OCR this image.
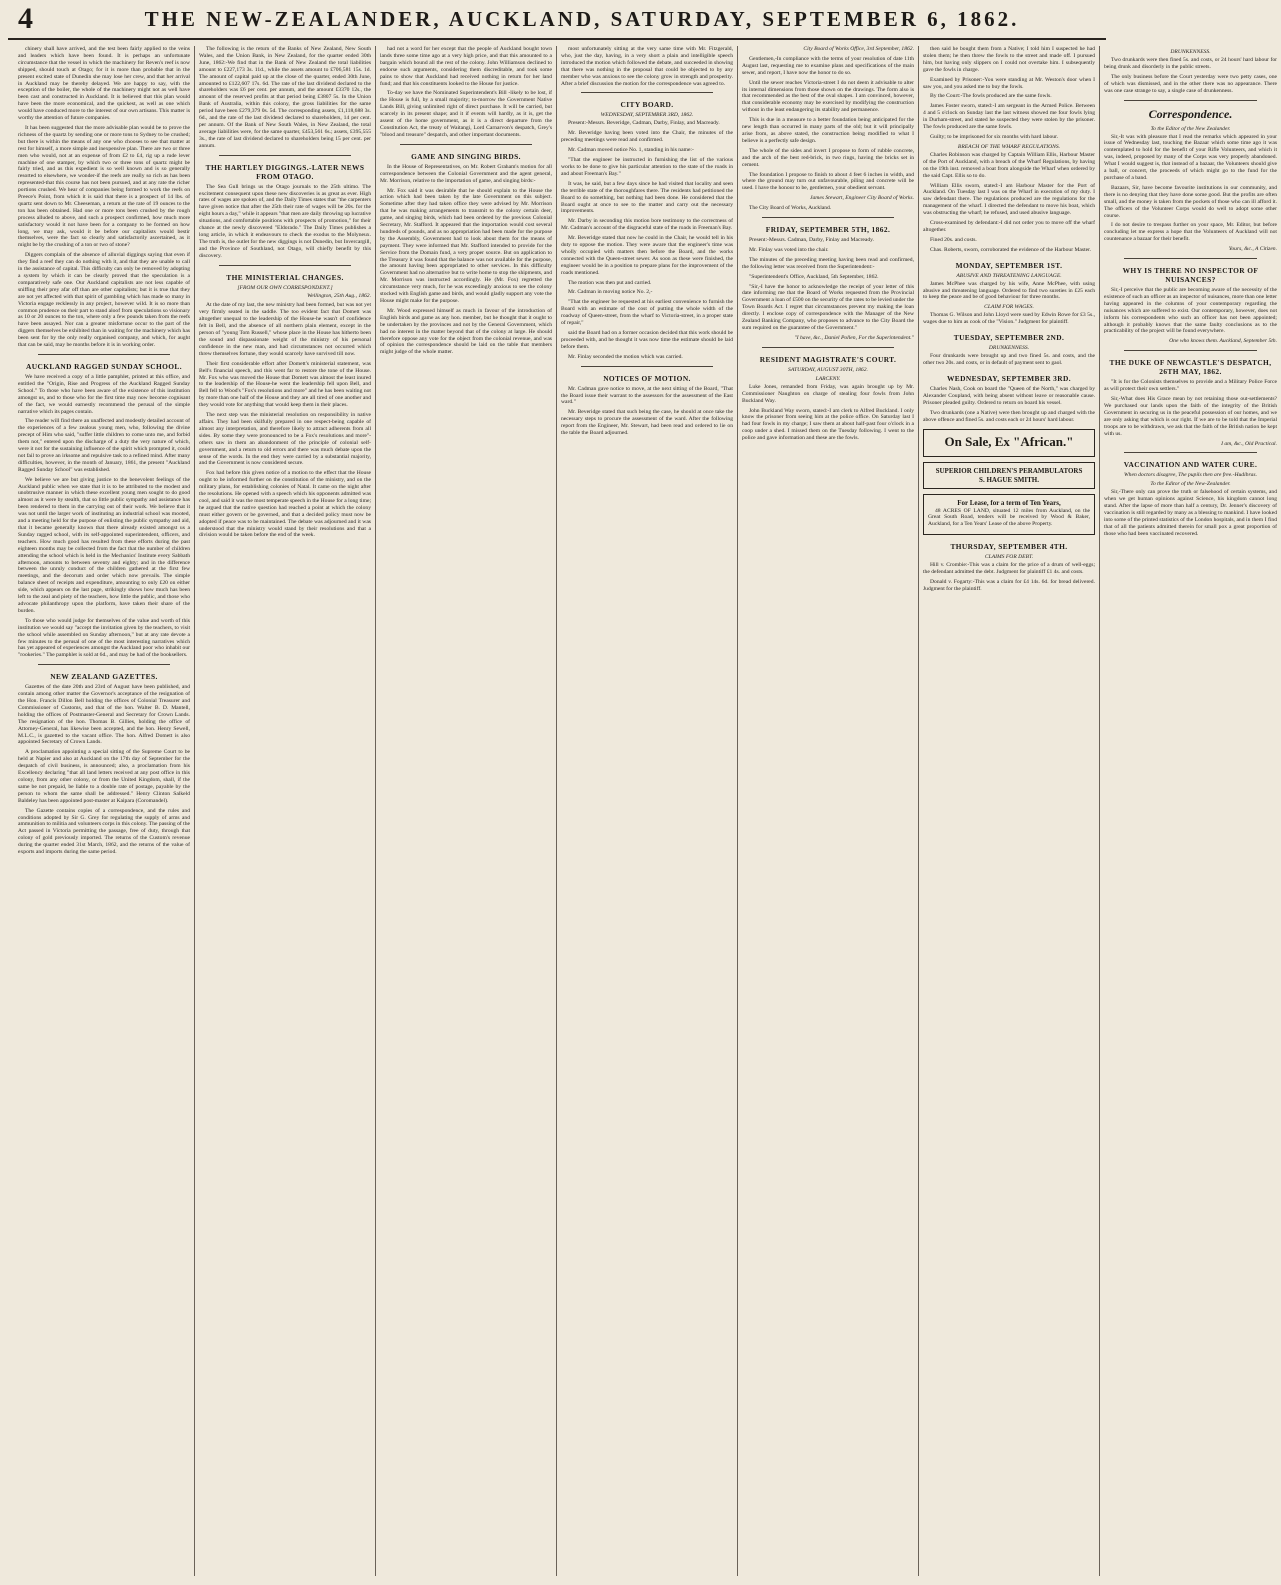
4	THE NEW-ZEALANDER, AUCKLAND, SATURDAY, SEPTEMBER 6, 1862.

chinery shall have arrived, and the test been fairly applied to the veins and leaders which have been found. It is perhaps an unfortunate circumstance that the vessel in which the machinery for Reven's reef is now shipped, should touch at Otago; for it is more than probable that in the present excited state of Dunedin she may lose her crew, and that her arrival in Auckland may be thereby delayed. We are happy to say, with the exception of the boiler, the whole of the machinery might not as well have been cast and constructed in Auckland. It is believed that this plan would have been the more economical, and the quickest, as well as one which would have conduced more to the interest of our own artisans. This matter is worthy the attention of future companies.

It has been suggested that the more advisable plan would be to prove the richness of the quartz by sending one or more tons to Sydney to be crushed; but there is within the means of any one who chooses to see that matter at rest for himself, a more simple and inexpensive plan. There are two or three men who would, not at an expense of from £2 to £4, rig up a rude lever machine of one stamper, by which two or three tons of quartz might be fairly tried, and as this expedient is so well known and is so generally resorted to elsewhere, we wonder-if the reefs are really so rich as has been represented-that this course has not been pursued, and at any rate the richer portions crushed. We hear of companies being formed to work the reefs on Preece's Point, from which it is said that there is a prospect of 14 lbs. of quartz sent down to Mr. Cheeseman, a return at the rate of 19 ounces to the ton has been obtained. Had one or more tons been crushed by the rough process alluded to above, and such a prospect confirmed, how much more satisfactory would it not have been for a company to be formed on how long, we may ask, would it be before our capitalists would bestir themselves, were the fact so clearly and satisfactorily ascertained, as it might be by the crushing of a ton or two of stone?

Diggers complain of the absence of alluvial diggings saying that even if they find a reef they can do nothing with it, and that they are unable to call in the assistance of capital. This difficulty can only be removed by adopting a system by which it can be clearly proved that the speculation is a comparatively safe one. Our Auckland capitalists are not less capable of sniffing their prey afar off than are other capitalists; but it is true that they are not yet affected with that spirit of gambling which has made so many in Victoria engage recklessly in any project, however wild. It is so more than common prudence on their part to stand aloof from speculations so visionary as 10 or 20 ounces to the ton, where only a few pounds taken from the reefs have been assayed. Nor can a greater misfortune occur to the part of the diggers themselves be exhibited than in waiting for the machinery which has been sent for by the only really organised company, and which, for aught that can be said, may be months before it is in working order.

AUCKLAND RAGGED SUNDAY SCHOOL.

We have received a copy of a little pamphlet, printed at this office, and entitled the "Origin, Rise and Progress of the Auckland Ragged Sunday School." To those who have been aware of the existence of this institution amongst us, and to those who for the first time may now become cognisant of the fact, we would earnestly recommend the perusal of the simple narrative which its pages contain.

The reader will find there an unaffected and modestly detailed account of the experiences of a few zealous young men, who, following the divine precept of Him who said, "suffer little children to come unto me, and forbid them not," entered upon the discharge of a duty the very nature of which, were it not for the sustaining influence of the spirit which prompted it, could not fail to prove an irksome and repulsive task to a refined mind. After many difficulties, however, in the month of January, 1861, the present "Auckland Ragged Sunday School" was established.

We believe we are but giving justice to the benevolent feelings of the Auckland public when we state that it is to be attributed to the modest and unobtrusive manner in which these excellent young men sought to do good almost as it were by stealth, that so little public sympathy and assistance has been rendered to them in the carrying out of their work. We believe that it was not until the larger work of instituting an industrial school was mooted, and a meeting held for the purpose of enlisting the public sympathy and aid, that it became generally known that there already existed amongst us a Sunday ragged school, with its self-appointed superintendent, officers, and teachers. How much good has resulted from these efforts during the past eighteen months may be collected from the fact that the number of children attending the school which is held in the Mechanics' Institute every Sabbath afternoon, amounts to between seventy and eighty; and in the difference between the unruly conduct of the children gathered at the first few meetings, and the decorum and order which now prevails. The simple balance sheet of receipts and expenditure, amounting to only £20 on either side, which appears on the last page, strikingly shows how much has been left to the zeal and piety of the teachers, how little the public, and those who advocate philanthropy upon the platform, have taken their share of the burden.

To those who would judge for themselves of the value and worth of this institution we would say "accept the invitation given by the teachers, to visit the school while assembled on Sunday afternoon," but at any rate devote a few minutes to the perusal of one of the most interesting narratives which has yet appeared of experiences amongst the Auckland poor who inhabit our "rookeries." The pamphlet is sold at 6d., and may be had of the booksellers.

NEW ZEALAND GAZETTES.

Gazettes of the date 20th and 23rd of August have been published, and contain among other matter the Governor's acceptance of the resignation of the Hon. Francis Dillon Bell holding the offices of Colonial Treasurer and Commissioner of Customs, and that of the hon. Walter B. D. Mantell, holding the offices of Postmaster-General and Secretary for Crown Lands. The resignation of the hon. Thomas B. Gillies, holding the office of Attorney-General, has likewise been accepted, and the hon. Henry Sewell, M.L.C., is gazetted to the vacant office. The hon. Alfred Domett is also appointed Secretary of Crown Lands.

A proclamation appointing a special sitting of the Supreme Court to be held at Napier and also at Auckland on the 17th day of September for the despatch of civil business, is announced; also, a proclamation from his Excellency declaring "that all land letters received at any post office in this colony, from any other colony, or from the United Kingdom, shall, if the same be not prepaid, be liable to a double rate of postage, payable by the person to whom the same shall be addressed." Henry Clinton Salkeld Baldeley has been appointed post-master at Kaipara (Coromandel).

The Gazette contains copies of a correspondence, and the rules and conditions adopted by Sir G. Grey for regulating the supply of arms and ammunition to militia and volunteers corps in this colony. The passing of the Act passed in Victoria permitting the passage, free of duty, through that colony of gold previously imported. The returns of the Custom's revenue during the quarter ended 31st March, 1862, and the returns of the value of exports and imports during the same period.

The following is the return of the Banks of New Zealand, New South Wales, and the Union Bank, in New Zealand, for the quarter ended 30th June, 1862:-We find that in the Bank of New Zealand the total liabilities amount to £227,173 3s. 11d., while the assets amount to £706,581 15s. 1d. The amount of capital paid up at the close of the quarter, ended 30th June, amounted to £122,607 17s. 6d. The rate of the last dividend declared to the shareholders was £6 per cent. per annum, and the amount £3370 12s., the amount of the reserved profits at that period being £3807 5s. In the Union Bank of Australia, within this colony, the gross liabilities for the same period have been £279,379 0s. 5d. The corresponding assets, £1,118,688 3s. 6d., and the rate of the last dividend declared to shareholders, 14 per cent. per annum. Of the Bank of New South Wales, in New Zealand, the total average liabilities were, for the same quarter, £453,561 6s.; assets, £395,555 3s., the rate of last dividend declared to shareholders being 15 per cent. per annum.

THE HARTLEY DIGGINGS.-LATER NEWS FROM OTAGO.

The Sea Gull brings us the Otago journals to the 25th ultimo. The excitement consequent upon these new discoveries is as great as ever. High rates of wages are spoken of, and the Daily Times states that "the carpenters have given notice that after the 25th their rate of wages will be 20s. for the eight hours a day," while it appears "that men are daily throwing up lucrative situations, and comfortable positions with prospects of promotion," for their chance at the newly discovered "Eldorado." The Daily Times publishes a long article, in which it endeavours to check the exodus to the Molyneux. The truth is, the outlet for the new diggings is not Dunedin, but Invercargill, and the Province of Southland, not Otago, will chiefly benefit by this discovery.

THE MINISTERIAL CHANGES.
[FROM OUR OWN CORRESPONDENT.]

Wellington, 25th Aug., 1862.

At the date of my last, the new ministry had been formed, but was not yet very firmly seated in the saddle. The too evident fact that Domett was altogether unequal to the leadership of the House-he wasn't of confidence felt in Bell, and the absence of all northern plain element, except in the person of "young Tom Russell," whose place in the House has hitherto been the sound and dispassionate weight of the ministry of his personal confidence in the new man, and had circumstances not occurred which threw themselves fortune, they would scarcely have survived till now.

Their first considerable effort after Domett's ministerial statement, was Bell's financial speech, and this went far to restore the tone of the House. Mr. Fox who was moved the House that Domett was almost the least inured to the leadership of the House-he went the leadership fell upon Bell, and Bell fell to Wood's "Fox's resolutions and more" and he has been waiting not by more than one half of the House and they are all tired of one another and they would vote for anything that would keep them in their places.

The next step was the ministerial resolution on responsibility in native affairs. They had been skilfully prepared in one respect-being capable of almost any interpretation, and therefore likely to attract adherents from all sides. By some they were pronounced to be a Fox's resolutions and more"-others saw in them an abandonment of the principle of colonial self-government, and a return to old errors and there was much debate upon the sense of the words. In the end they were carried by a substantial majority, and the Government is now considered secure.

Fox had before this given notice of a motion to the effect that the House ought to be informed further on the constitution of the ministry, and on the military plans, for establishing colonies of Natal. It came on the night after the resolutions. He opened with a speech which his opponents admitted was cool, and said it was the most temperate speech in the House for a long time; he argued that the native question had reached a point at which the colony must either govern or be governed, and that a decided policy must now be adopted if peace was to be maintained. The debate was adjourned and it was understood that the ministry would stand by their resolutions and that a division would be taken before the end of the week.

had not a word for her except that the people of Auckland bought town lands three some time ago at a very high price, and that this amounted to a bargain which bound all the rest of the colony. John Williamson declined to endorse such arguments, considering them discreditable, and took some pains to show that Auckland had received nothing in return for her land fund; and that his constituents looked to the House for justice.

To-day we have the Nominated Superintendent's Bill -likely to be lost, if the House is full, by a small majority; to-morrow the Government Native Lands Bill, giving unlimited right of direct purchase. It will be carried, but scarcely in its present shape; and it if events will hardly, as it is, get the assent of the home government, as it is a direct departure from the Constitution Act, the treaty of Waitangi, Lord Carnarvon's despatch, Grey's "blood and treasure" despatch, and other important documents.

GAME AND SINGING BIRDS.

In the House of Representatives, on Mr. Robert Graham's motion for all correspondence between the Colonial Government and the agent general, Mr. Morrison, relative to the importation of game, and singing birds:-

Mr. Fox said it was desirable that he should explain to the House the action which had been taken by the late Government on this subject. Sometime after they had taken office they were advised by Mr. Morrison that he was making arrangements to transmit to the colony certain deer, game, and singing birds, which had been ordered by the previous Colonial Secretary, Mr. Stafford. It appeared that the importation would cost several hundreds of pounds, and as no appropriation had been made for the purpose by the Assembly, Government had to look about them for the means of payment. They were informed that Mr. Stafford intended to provide for the Service from the Domain fund, a very proper source. But on application to the Treasury it was found that the balance was not available for the purpose, the amount having been appropriated to other services. In this difficulty Government had no alternative but to write home to stop the shipments, and Mr. Morrison was instructed accordingly. He (Mr. Fox) regretted the circumstance very much, for he was exceedingly anxious to see the colony stocked with English game and birds, and would gladly support any vote the House might make for the purpose.

Mr. Wood expressed himself as much in favour of the introduction of English birds and game as any hon. member, but he thought that it ought to be undertaken by the provinces and not by the General Government, which had no interest in the matter beyond that of the colony at large. He should therefore oppose any vote for the object from the colonial revenue, and was of opinion the correspondence should be laid on the table that members might judge of the whole matter.

most unfortunately sitting at the very same time with Mr. Fitzgerald, who, just the day, having, in a very short a plain and intelligible speech introduced the motion which followed the debate, and succeeded in showing that there was nothing in the proposal that could be objected to by any member who was anxious to see the colony grow in strength and prosperity. After a brief discussion the motion for the correspondence was agreed to.

CITY BOARD.
WEDNESDAY, SEPTEMBER 3RD, 1862.

Present:-Messrs. Beveridge, Cadman, Darby, Finlay, and Macready.

Mr. Beveridge having been voted into the Chair, the minutes of the preceding meetings were read and confirmed.

Mr. Cadman moved notice No. 1, standing in his name:-

"That the engineer be instructed in furnishing the list of the various works to be done to give his particular attention to the state of the roads in and about Freeman's Bay."

It was, he said, but a few days since he had visited that locality and seen the terrible state of the thoroughfares there. The residents had petitioned the Board to do something, but nothing had been done. He considered that the Board ought at once to see to the matter and carry out the necessary improvements.

Mr. Darby in seconding this motion bore testimony to the correctness of Mr. Cadman's account of the disgraceful state of the roads in Freeman's Bay.

Mr. Beveridge stated that now he could in the Chair, he would tell in his duty to oppose the motion. They were aware that the engineer's time was wholly occupied with matters then before the Board, and the works connected with the Queen-street sewer. As soon as these were finished, the engineer would be in a position to prepare plans for the improvement of the roads mentioned.

The motion was then put and carried.

Mr. Cadman in moving notice No. 2,-

"That the engineer be requested at his earliest convenience to furnish the Board with an estimate of the cost of putting the whole width of the roadway of Queen-street, from the wharf to Victoria-street, in a proper state of repair,"

said the Board had on a former occasion decided that this work should be proceeded with, and he thought it was now time the estimate should be laid before them.

Mr. Finlay seconded the motion which was carried.

NOTICES OF MOTION.

Mr. Cadman gave notice to move, at the next sitting of the Board, "That the Board issue their warrant to the assessors for the assessment of the East ward."

Mr. Beveridge stated that such being the case, he should at once take the necessary steps to procure the assessment of the ward. After the following report from the Engineer, Mr. Stewart, had been read and ordered to lie on the table the Board adjourned.

City Board of Works Office, 3rd September, 1862.

Gentlemen,-In compliance with the terms of your resolution of date 11th August last, requesting me to examine plans and specifications of the main sewer, and report, I have now the honor to do so.

Until the sewer reaches Victoria-street I do not deem it advisable to alter its internal dimensions from those shown on the drawings. The form also is that recommended as the best of the oval shapes. I am convinced, however, that considerable economy may be exercised by modifying the construction without in the least endangering its stability and permanence.

This is due in a measure to a better foundation being anticipated for the new length than occurred in many parts of the old; but it will principally arise from, as above stated, the construction being modified to what I believe is a perfectly safe design.

The whole of the sides and invert I propose to form of rubble concrete, and the arch of the best red-brick, in two rings, having the bricks set in cement.

The foundation I propose to finish to about 4 feet 6 inches in width, and where the ground may turn out unfavourable, piling and concrete will be used. I have the honour to be, gentlemen, your obedient servant.

James Stewart, Engineer City Board of Works.

The City Board of Works, Auckland.

FRIDAY, SEPTEMBER 5TH, 1862.

Present:-Messrs. Cadman, Darby, Finlay and Macready.

Mr. Finlay was voted into the chair.

The minutes of the preceding meeting having been read and confirmed, the following letter was received from the Superintendent:-

"Superintendent's Office, Auckland, 5th September, 1862.

"Sir,-I have the honor to acknowledge the receipt of your letter of this date informing me that the Board of Works requested from the Provincial Government a loan of £500 on the security of the rates to be levied under the Town Boards Act. I regret that circumstances prevent my making the loan directly. I enclose copy of correspondence with the Manager of the New Zealand Banking Company, who proposes to advance to the City Board the sum required on the guarantee of the Government."

"I have, &c., Daniel Pollen, For the Superintendent."

RESIDENT MAGISTRATE'S COURT.
SATURDAY, AUGUST 30TH, 1862.
LARCENY.

Luke Jones, remanded from Friday, was again brought up by Mr. Commissioner Naughton on charge of stealing four fowls from John Buckland Way.

John Buckland Way sworn, stated:-I am clerk to Alfred Buckland. I only know the prisoner from seeing him at the police office. On Saturday last I had four fowls in my charge; I saw them at about half-past four o'clock in a coop under a shed. I missed them on the Tuesday following. I went to the police and gave information and these are the fowls.

then said he bought them from a Native; I told him I suspected he had stolen them; he then threw the fowls to the street and made off. I pursued him, but having only slippers on I could not overtake him. I subsequently gave the fowls in charge.

Examined by Prisoner:-You were standing at Mr. Weston's door when I saw you, and you asked me to buy the fowls.

By the Court:-The fowls produced are the same fowls.

James Foster sworn, stated:-I am sergeant in the Armed Police. Between 4 and 5 o'clock on Sunday last the last witness showed me four fowls lying in Durham-street, and stated he suspected they were stolen by the prisoner. The fowls produced are the same fowls.

Guilty; to be imprisoned for six months with hard labour.

BREACH OF THE WHARF REGULATIONS.

Charles Robinson was charged by Captain William Ellis, Harbour Master of the Port of Auckland, with a breach of the Wharf Regulations, by having on the 19th inst. removed a boat from alongside the Wharf when ordered by the said Capt. Ellis so to do.

William Ellis sworn, stated:-I am Harbour Master for the Port of Auckland. On Tuesday last I was on the Wharf in execution of my duty. I saw defendant there. The regulations produced are the regulations for the management of the wharf. I directed the defendant to move his boat, which was obstructing the wharf; he refused, and used abusive language.

Cross-examined by defendant:-I did not order you to move off the wharf altogether.

Fined 20s. and costs.

Chas. Roberts, sworn, corroborated the evidence of the Harbour Master.

MONDAY, SEPTEMBER 1ST.
ABUSIVE AND THREATENING LANGUAGE.

James McPhee was charged by his wife, Anne McPhee, with using abusive and threatening language. Ordered to find two sureties in £25 each to keep the peace and be of good behaviour for three months.

CLAIM FOR WAGES.

Thomas G. Wilson and John Lloyd were sued by Edwin Rowe for £3 5s., wages due to him as cook of the "Vision." Judgment for plaintiff.

TUESDAY, SEPTEMBER 2ND.
DRUNKENNESS.

Four drunkards were brought up and two fined 5s. and costs, and the other two 20s. and costs, or in default of payment sent to gaol.

WEDNESDAY, SEPTEMBER 3RD.

Charles Nash, Cook on board the "Queen of the North," was charged by Alexander Coupland, with being absent without leave or reasonable cause. Prisoner pleaded guilty. Ordered to return on board his vessel.

Two drunkards (one a Native) were then brought up and charged with the above offence and fined 5s. and costs each or 24 hours' hard labour.

On Sale, Ex "African."
SUPERIOR CHILDREN'S PERAMBULATORS
S. HAGUE SMITH.
For Lease, for a term of Ten Years,

48 ACRES OF LAND, situated 12 miles from Auckland, on the Great South Road, tenders will be received by Wood & Baker, Auckland, for a Ten Years' Lease of the above Property.

THURSDAY, SEPTEMBER 4TH.
CLAIMS FOR DEBT.

Hill v. Crombie:-This was a claim for the price of a drum of well-eggs; the defendant admitted the debt. Judgment for plaintiff £1 4s. and costs.

Donald v. Fogarty:-This was a claim for £4 14s. 6d. for bread delivered. Judgment for the plaintiff.

DRUNKENNESS.

Two drunkards were then fined 5s. and costs, or 24 hours' hard labour for being drunk and disorderly in the public streets.

The only business before the Court yesterday were two petty cases, one of which was dismissed, and in the other there was no appearance. There was one case strange to say, a single case of drunkenness.

Correspondence.
To the Editor of the New Zealander.

Sir,-It was with pleasure that I read the remarks which appeared in your issue of Wednesday last, touching the Bazaar which some time ago it was contemplated to hold for the benefit of your Rifle Volunteers, and which it was, indeed, proposed by many of the Corps was very properly abandoned. What I would suggest is, that instead of a bazaar, the Volunteers should give a ball, or concert, the proceeds of which might go to the fund for the purchase of a band.

Bazaars, Sir, have become favourite institutions in our community, and there is no denying that they have done some good. But the profits are often small, and the money is taken from the pockets of those who can ill afford it. The officers of the Volunteer Corps would do well to adopt some other course.

I do not desire to trespass further on your space, Mr. Editor, but before concluding let me express a hope that the Volunteers of Auckland will not countenance a bazaar for their benefit.

Yours, &c., A Citizen.

WHY IS THERE NO INSPECTOR OF NUISANCES?

Sir,-I perceive that the public are becoming aware of the necessity of the existence of such an officer as an inspector of nuisances, more than one letter having appeared in the columns of your contemporary regarding the nuisances which are suffered to exist. Our contemporary, however, does not inform his correspondents who such an officer has not been appointed; although it probably knows that the same faulty conclusions as to the practicability of the project will be found everywhere.

One who knows them. Auckland, September 5th.

THE DUKE OF NEWCASTLE'S DESPATCH, 26TH MAY, 1862.

"It is for the Colonists themselves to provide and a Military Police Force as will protect their own settlers."

Sir,-What does His Grace mean by not retaining those out-settlements? We purchased our lands upon the faith of the integrity of the British Government in securing us in the peaceful possession of our homes, and we are only asking that which is our right. If we are to be told that the Imperial troops are to be withdrawn, we ask that the faith of the British nation be kept with us.

I am, &c., Old Practical.

VACCINATION AND WATER CURE.
When doctors disagree, The pupils then are free.-Hudibras.
To the Editor of the New-Zealander.

Sir,-There only can prove the truth or falsehood of certain systems, and when we get human opinions against Science, his kingdom cannot long stand. After the lapse of more than half a century, Dr. Jenner's discovery of vaccination is still regarded by many as a blessing to mankind. I have looked into some of the printed statistics of the London hospitals, and in them I find that of all the patients admitted therein for small pox a great proportion of those who had been vaccinated recovered.
